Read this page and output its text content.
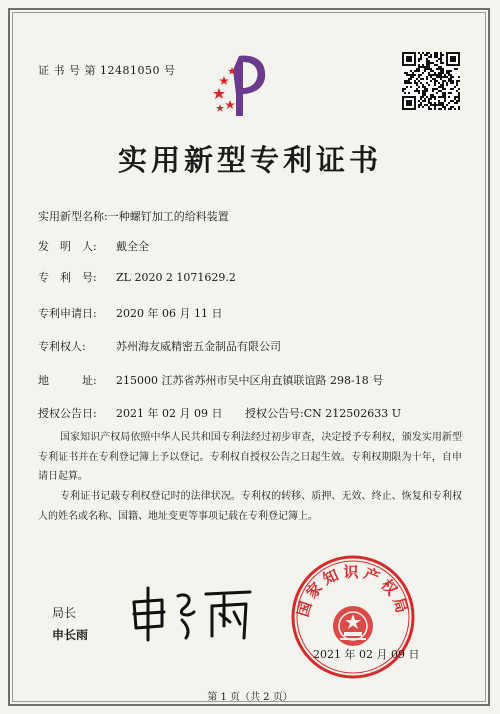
证 书 号 第 12481050 号
实用新型专利证书
实用新型名称:一种螺钉加工的给料装置
发　明　人: 戴全全
专　利　号: ZL 2020 2 1071629.2
专利申请日: 2020 年 06 月 11 日
专利权人:	苏州海友威精密五金制品有限公司
地　　　址: 215000 江苏省苏州市吴中区甪直镇联谊路 298-18 号
授权公告日: 2021 年 02 月 09 日 授权公告号:CN 212502633 U
国家知识产权局依照中华人民共和国专利法经过初步审查，决定授予专利权，颁发实用新型专利证书并在专利登记簿上予以登记。专利权自授权公告之日起生效。专利权期限为十年，自申请日起算。
专利证书记载专利权登记时的法律状况。专利权的转移、质押、无效、终止、恢复和专利权人的姓名或名称、国籍、地址变更等事项记载在专利登记簿上。
局长
申长雨
国家知识产权局
2021 年 02 月 09 日
第 1 页（共 2 页）
